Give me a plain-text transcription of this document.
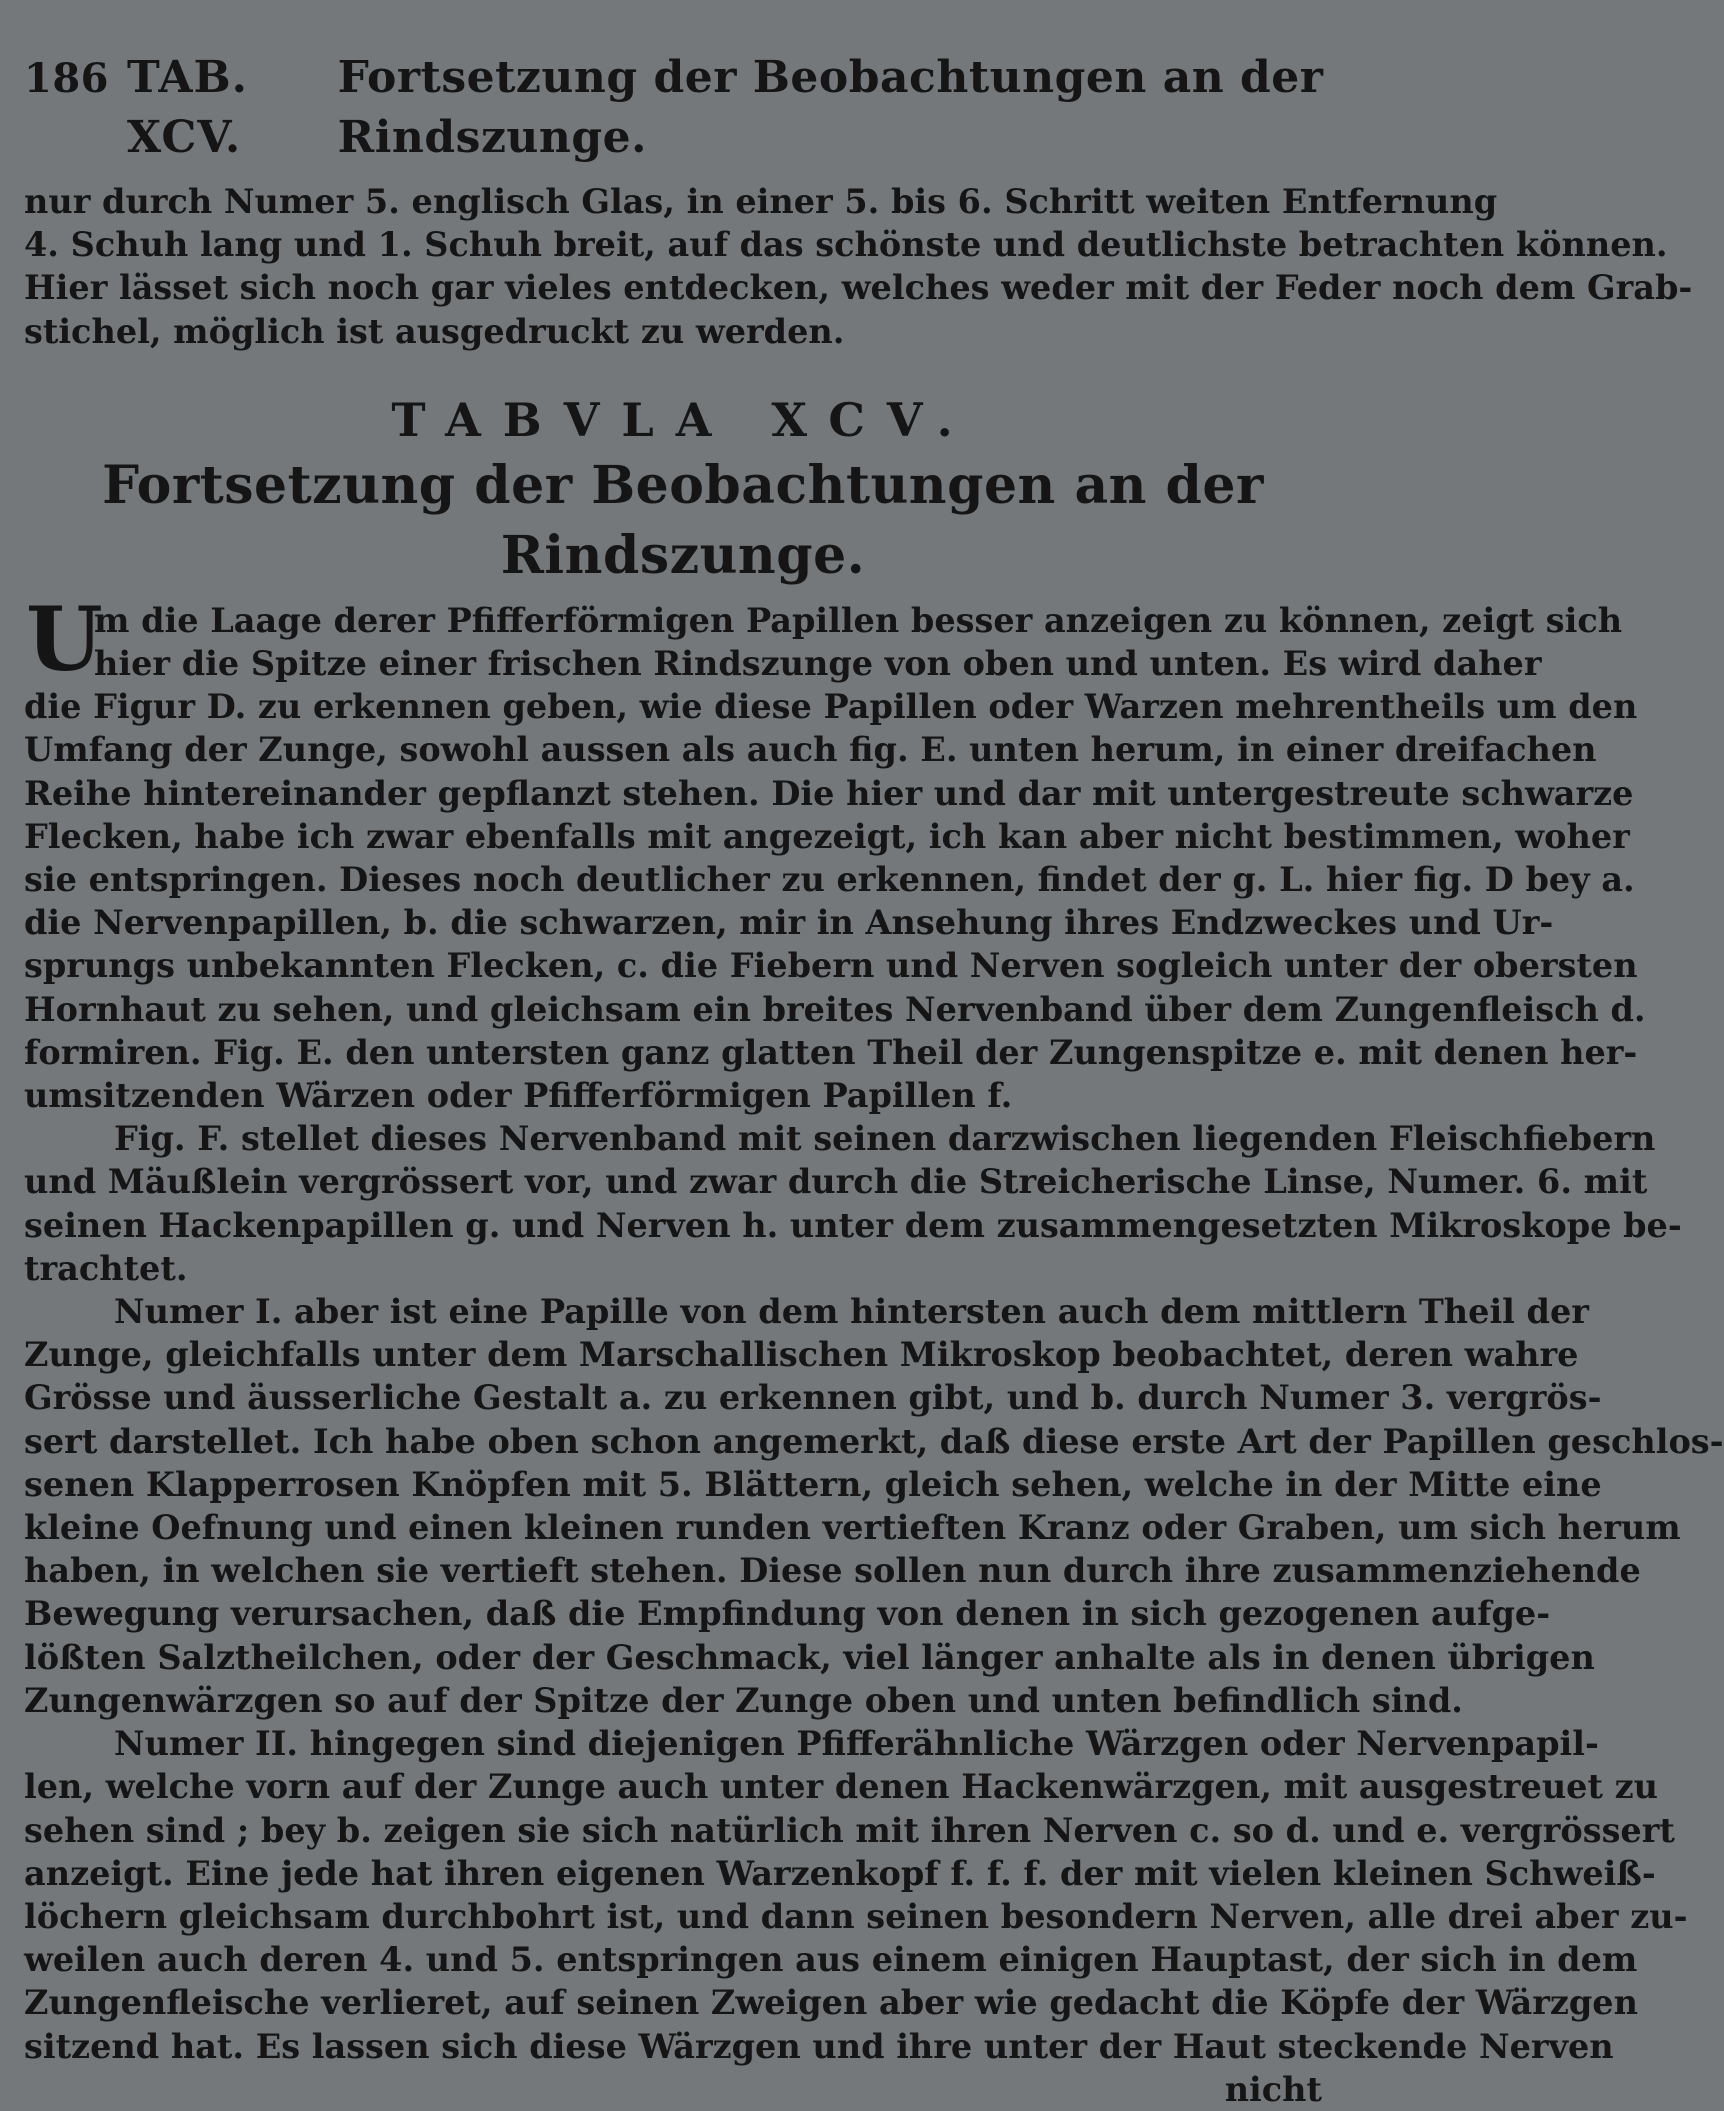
186 TAB. XCV.
Fortsetzung der Beobachtungen an der Rindszunge.
nur durch Numer 5. englisch Glas, in einer 5. bis 6. Schritt weiten Entfernung
4. Schuh lang und 1. Schuh breit, auf das schönste und deutlichste betrachten können.
Hier lässet sich noch gar vieles entdecken, welches weder mit der Feder noch dem Grab-
stichel, möglich ist ausgedruckt zu werden.
TABVLA XCV.
Fortsetzung der Beobachtungen an der Rindszunge.
U
m die Laage derer Pfifferförmigen Papillen besser anzeigen zu können, zeigt sich
hier die Spitze einer frischen Rindszunge von oben und unten. Es wird daher
die Figur D. zu erkennen geben, wie diese Papillen oder Warzen mehrentheils um den
Umfang der Zunge, sowohl aussen als auch fig. E. unten herum, in einer dreifachen
Reihe hintereinander gepflanzt stehen. Die hier und dar mit untergestreute schwarze
Flecken, habe ich zwar ebenfalls mit angezeigt, ich kan aber nicht bestimmen, woher
sie entspringen. Dieses noch deutlicher zu erkennen, findet der g. L. hier fig. D bey a.
die Nervenpapillen, b. die schwarzen, mir in Ansehung ihres Endzweckes und Ur-
sprungs unbekannten Flecken, c. die Fiebern und Nerven sogleich unter der obersten
Hornhaut zu sehen, und gleichsam ein breites Nervenband über dem Zungenfleisch d.
formiren. Fig. E. den untersten ganz glatten Theil der Zungenspitze e. mit denen her-
umsitzenden Wärzen oder Pfifferförmigen Papillen f.
Fig. F. stellet dieses Nervenband mit seinen darzwischen liegenden Fleischfiebern
und Mäußlein vergrössert vor, und zwar durch die Streicherische Linse, Numer. 6. mit
seinen Hackenpapillen g. und Nerven h. unter dem zusammengesetzten Mikroskope be-
trachtet.
Numer I. aber ist eine Papille von dem hintersten auch dem mittlern Theil der
Zunge, gleichfalls unter dem Marschallischen Mikroskop beobachtet, deren wahre
Grösse und äusserliche Gestalt a. zu erkennen gibt, und b. durch Numer 3. vergrös-
sert darstellet. Ich habe oben schon angemerkt, daß diese erste Art der Papillen geschlos-
senen Klapperrosen Knöpfen mit 5. Blättern, gleich sehen, welche in der Mitte eine
kleine Oefnung und einen kleinen runden vertieften Kranz oder Graben, um sich herum
haben, in welchen sie vertieft stehen. Diese sollen nun durch ihre zusammenziehende
Bewegung verursachen, daß die Empfindung von denen in sich gezogenen aufge-
lößten Salztheilchen, oder der Geschmack, viel länger anhalte als in denen übrigen
Zungenwärzgen so auf der Spitze der Zunge oben und unten befindlich sind.
Numer II. hingegen sind diejenigen Pfifferähnliche Wärzgen oder Nervenpapil-
len, welche vorn auf der Zunge auch unter denen Hackenwärzgen, mit ausgestreuet zu
sehen sind ; bey b. zeigen sie sich natürlich mit ihren Nerven c. so d. und e. vergrössert
anzeigt. Eine jede hat ihren eigenen Warzenkopf f. f. f. der mit vielen kleinen Schweiß-
löchern gleichsam durchbohrt ist, und dann seinen besondern Nerven, alle drei aber zu-
weilen auch deren 4. und 5. entspringen aus einem einigen Hauptast, der sich in dem
Zungenfleische verlieret, auf seinen Zweigen aber wie gedacht die Köpfe der Wärzgen
sitzend hat. Es lassen sich diese Wärzgen und ihre unter der Haut steckende Nerven
nicht
